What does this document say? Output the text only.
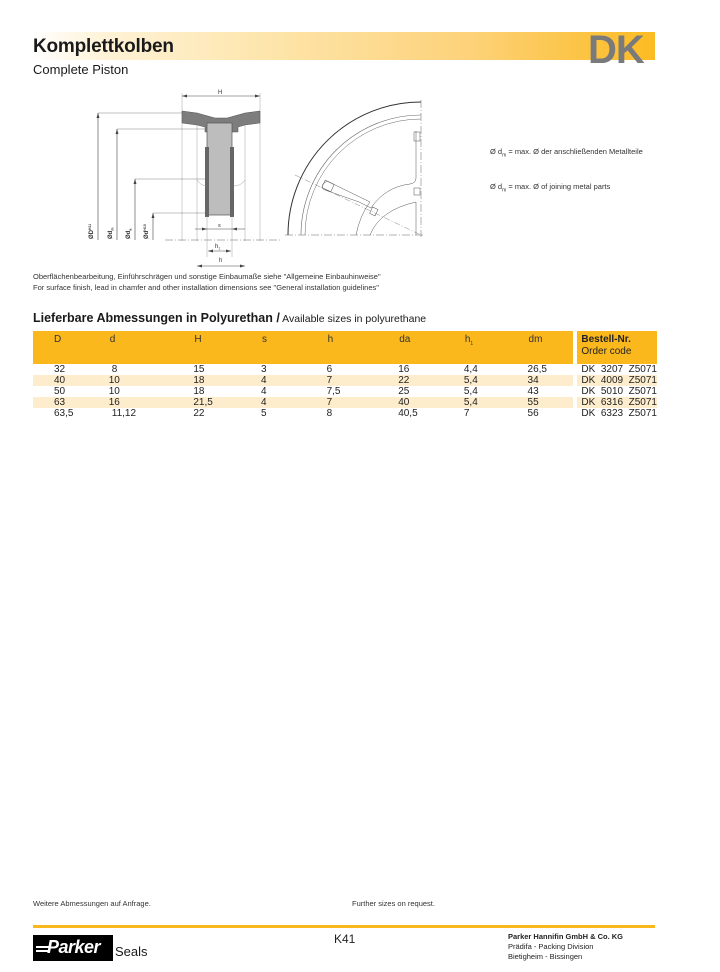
Komplettkolben
Complete Piston	DK
H
$ØD^{H11}$
$Ød_m$
$Ød_a$
$Ød^{H10}$	s
$h_1$
h
Ø $d_m = \max$. Ø der anschließenden Metallteile
Ø $d_m = \max$. Ø of joining metal parts
Oberflächenbearbeitung, Einführschrägen und sonstige Einbaumaße siehe "Allgemeine Einbauhinweise"
For surface finish, lead in chamfer and other installation dimensions see "General installation guidelines"
Lieferbare Abmessungen in Polyurethan / Available sizes in polyurethane
D	d	H	s	h	da	$h_1$	dm	Bestell-Nr.
Order code
32	8	15	3	6	16	4,4	26,5	DK  3207  Z5071
40	10	18	4	7	22	5,4	34	DK  4009  Z5071
50	10	18	4	7,5	25	5,4	43	DK  5010  Z5071
63	16	21,5	4	7	40	5,4	55	DK  6316  Z5071
63,5	11,12	22	5	8	40,5	7	56	DK  6323  Z5071
Weitere Abmessungen auf Anfrage.	Further sizes on request.
Parker Seals
K41	Parker Hannifin GmbH & Co. KG
Prädifa - Packing Division
Bietigheim - Bissingen
